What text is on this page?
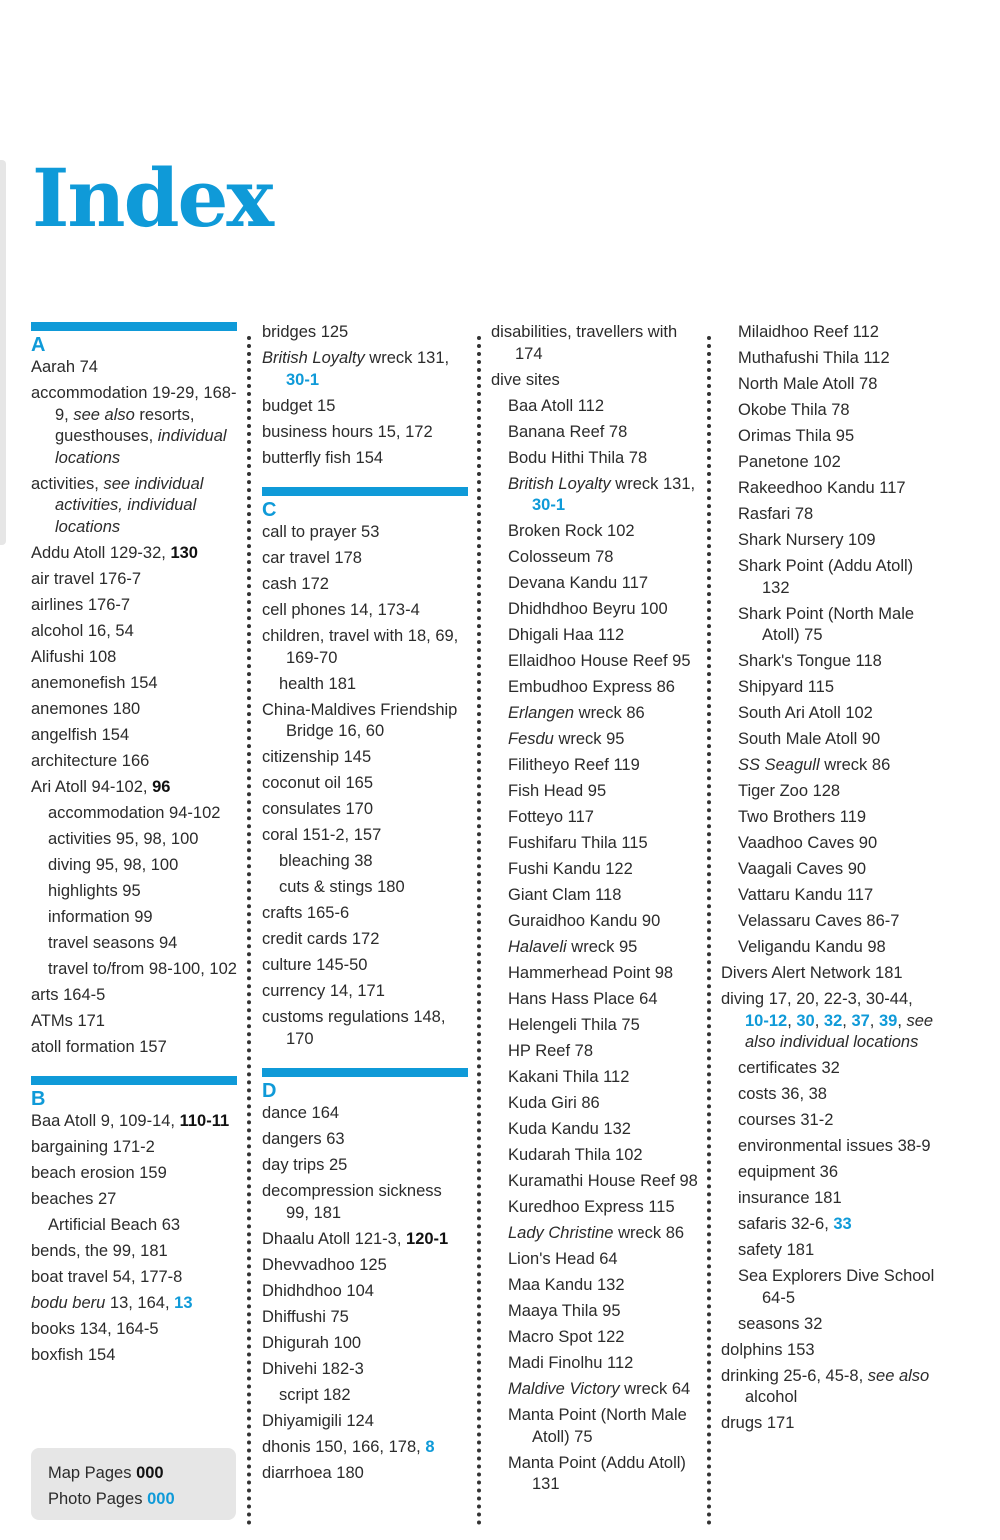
Index
A
Aarah 74
accommodation 19-29, 168-9, see also resorts, guesthouses, individual locations
activities, see individual activities, individual locations
Addu Atoll 129-32, 130
air travel 176-7
airlines 176-7
alcohol 16, 54
Alifushi 108
anemonefish 154
anemones 180
angelfish 154
architecture 166
Ari Atoll 94-102, 96
accommodation 94-102
activities 95, 98, 100
diving 95, 98, 100
highlights 95
information 99
travel seasons 94
travel to/from 98-100, 102
arts 164-5
ATMs 171
atoll formation 157
B
Baa Atoll 9, 109-14, 110-11
bargaining 171-2
beach erosion 159
beaches 27
Artificial Beach 63
bends, the 99, 181
boat travel 54, 177-8
bodu beru 13, 164, 13
books 134, 164-5
boxfish 154
bridges 125
British Loyalty wreck 131, 30-1
budget 15
business hours 15, 172
butterfly fish 154
C
call to prayer 53
car travel 178
cash 172
cell phones 14, 173-4
children, travel with 18, 69, 169-70
health 181
China-Maldives Friendship Bridge 16, 60
citizenship 145
coconut oil 165
consulates 170
coral 151-2, 157
bleaching 38
cuts & stings 180
crafts 165-6
credit cards 172
culture 145-50
currency 14, 171
customs regulations 148, 170
D
dance 164
dangers 63
day trips 25
decompression sickness 99, 181
Dhaalu Atoll 121-3, 120-1
Dhevvadhoo 125
Dhidhdhoo 104
Dhiffushi 75
Dhigurah 100
Dhivehi 182-3
script 182
Dhiyamigili 124
dhonis 150, 166, 178, 8
diarrhoea 180
disabilities, travellers with 174
dive sites
Baa Atoll 112
Banana Reef 78
Bodu Hithi Thila 78
British Loyalty wreck 131, 30-1
Broken Rock 102
Colosseum 78
Devana Kandu 117
Dhidhdhoo Beyru 100
Dhigali Haa 112
Ellaidhoo House Reef 95
Embudhoo Express 86
Erlangen wreck 86
Fesdu wreck 95
Filitheyo Reef 119
Fish Head 95
Fotteyo 117
Fushifaru Thila 115
Fushi Kandu 122
Giant Clam 118
Guraidhoo Kandu 90
Halaveli wreck 95
Hammerhead Point 98
Hans Hass Place 64
Helengeli Thila 75
HP Reef 78
Kakani Thila 112
Kuda Giri 86
Kuda Kandu 132
Kudarah Thila 102
Kuramathi House Reef 98
Kuredhoo Express 115
Lady Christine wreck 86
Lion's Head 64
Maa Kandu 132
Maaya Thila 95
Macro Spot 122
Madi Finolhu 112
Maldive Victory wreck 64
Manta Point (North Male Atoll) 75
Manta Point (Addu Atoll) 131
Milaidhoo Reef 112
Muthafushi Thila 112
North Male Atoll 78
Okobe Thila 78
Orimas Thila 95
Panetone 102
Rakeedhoo Kandu 117
Rasfari 78
Shark Nursery 109
Shark Point (Addu Atoll) 132
Shark Point (North Male Atoll) 75
Shark's Tongue 118
Shipyard 115
South Ari Atoll 102
South Male Atoll 90
SS Seagull wreck 86
Tiger Zoo 128
Two Brothers 119
Vaadhoo Caves 90
Vaagali Caves 90
Vattaru Kandu 117
Velassaru Caves 86-7
Veligandu Kandu 98
Divers Alert Network 181
diving 17, 20, 22-3, 30-44, 10-12, 30, 32, 37, 39, see also individual locations
certificates 32
costs 36, 38
courses 31-2
environmental issues 38-9
equipment 36
insurance 181
safaris 32-6, 33
safety 181
Sea Explorers Dive School 64-5
seasons 32
dolphins 153
drinking 25-6, 45-8, see also alcohol
drugs 171
Map Pages 000
Photo Pages 000
